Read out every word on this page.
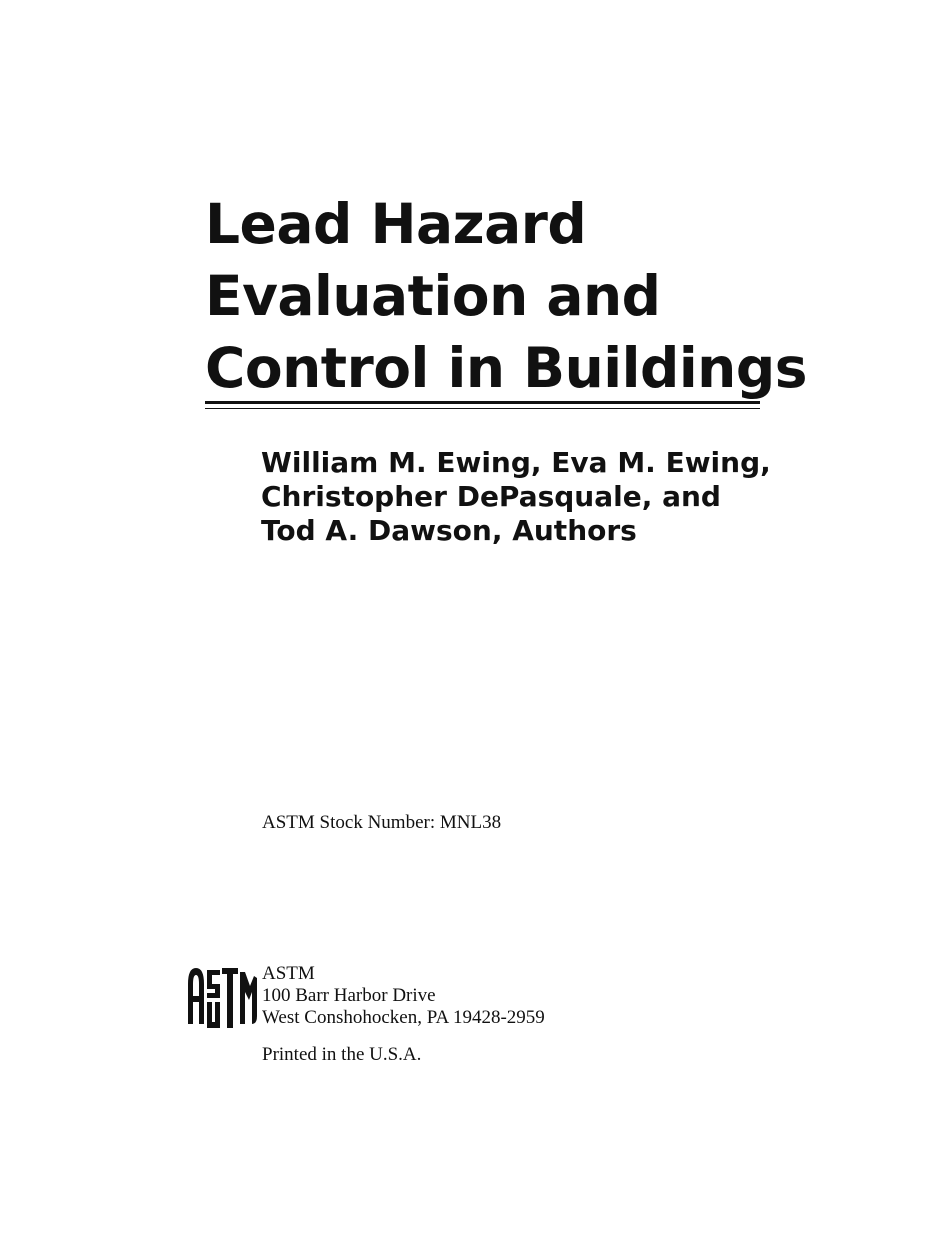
Lead Hazard
Evaluation and
Control in Buildings
William M. Ewing, Eva M. Ewing,
Christopher DePasquale, and
Tod A. Dawson, Authors
ASTM Stock Number: MNL38
ASTM
100 Barr Harbor Drive
West Conshohocken, PA 19428-2959
Printed in the U.S.A.
